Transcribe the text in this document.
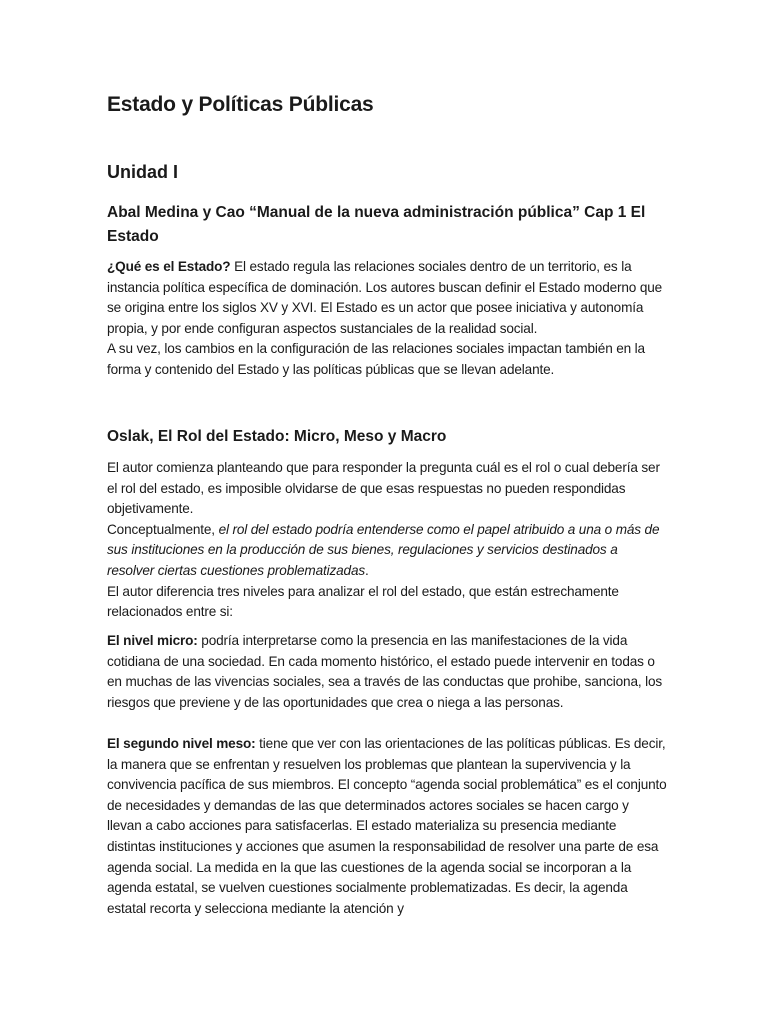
Estado y Políticas Públicas
Unidad I
Abal Medina y Cao “Manual de la nueva administración pública” Cap 1 El Estado

¿Qué es el Estado? El estado regula las relaciones sociales dentro de un territorio, es la instancia política específica de dominación. Los autores buscan definir el Estado moderno que se origina entre los siglos XV y XVI. El Estado es un actor que posee iniciativa y autonomía propia, y por ende configuran aspectos sustanciales de la realidad social.

A su vez, los cambios en la configuración de las relaciones sociales impactan también en la forma y contenido del Estado y las políticas públicas que se llevan adelante.

Oslak, El Rol del Estado: Micro, Meso y Macro

El autor comienza planteando que para responder la pregunta cuál es el rol o cual debería ser el rol del estado, es imposible olvidarse de que esas respuestas no pueden respondidas objetivamente.

Conceptualmente, el rol del estado podría entenderse como el papel atribuido a una o más de sus instituciones en la producción de sus bienes, regulaciones y servicios destinados a resolver ciertas cuestiones problematizadas.

El autor diferencia tres niveles para analizar el rol del estado, que están estrechamente relacionados entre si:

El nivel micro: podría interpretarse como la presencia en las manifestaciones de la vida cotidiana de una sociedad. En cada momento histórico, el estado puede intervenir en todas o en muchas de las vivencias sociales, sea a través de las conductas que prohibe, sanciona, los riesgos que previene y de las oportunidades que crea o niega a las personas.

El segundo nivel meso: tiene que ver con las orientaciones de las políticas públicas. Es decir, la manera que se enfrentan y resuelven los problemas que plantean la supervivencia y la convivencia pacífica de sus miembros. El concepto “agenda social problemática” es el conjunto de necesidades y demandas de las que determinados actores sociales se hacen cargo y llevan a cabo acciones para satisfacerlas. El estado materializa su presencia mediante distintas instituciones y acciones que asumen la responsabilidad de resolver una parte de esa agenda social. La medida en la que las cuestiones de la agenda social se incorporan a la agenda estatal, se vuelven cuestiones socialmente problematizadas. Es decir, la agenda estatal recorta y selecciona mediante la atención y
